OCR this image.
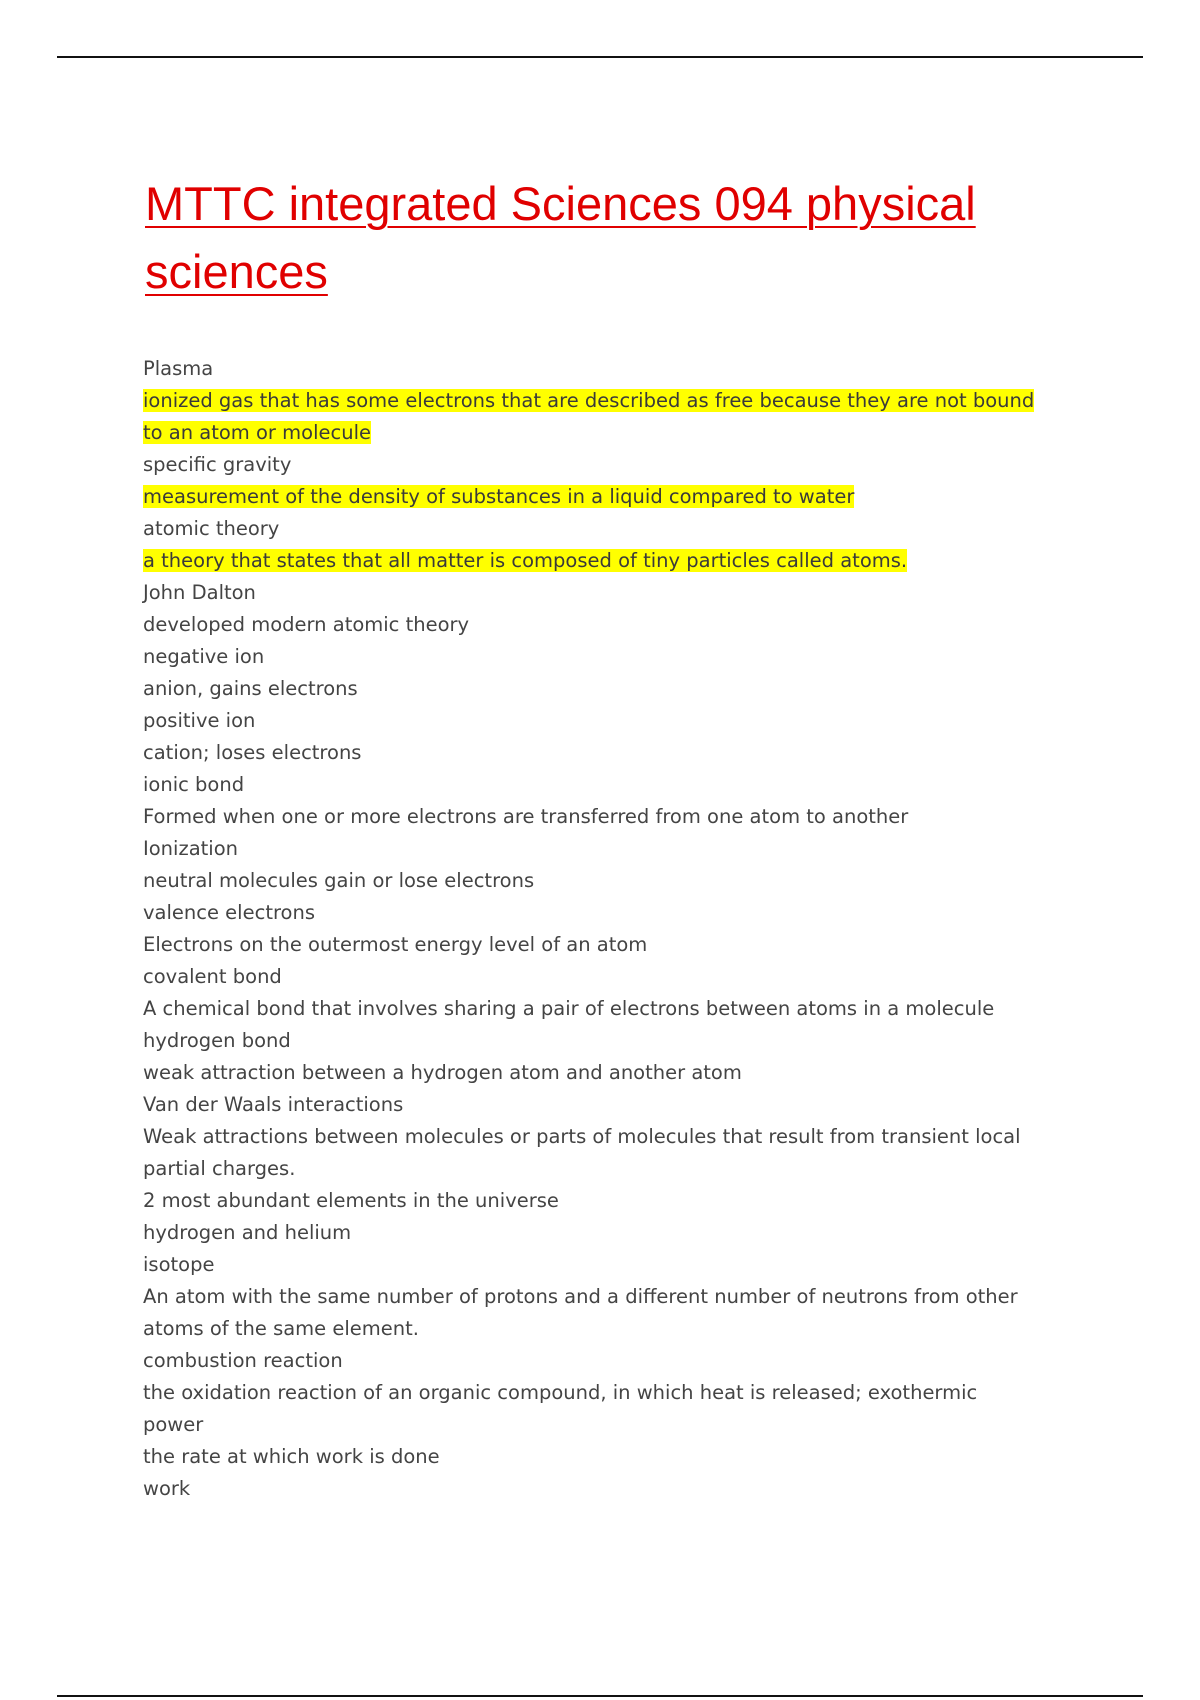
MTTC integrated Sciences 094 physical
sciences

Plasma

ionized gas that has some electrons that are described as free because they are not bound
to an atom or molecule

specific gravity

measurement of the density of substances in a liquid compared to water

atomic theory

a theory that states that all matter is composed of tiny particles called atoms.

John Dalton

developed modern atomic theory

negative ion

anion, gains electrons

positive ion

cation; loses electrons

ionic bond

Formed when one or more electrons are transferred from one atom to another

Ionization

neutral molecules gain or lose electrons

valence electrons

Electrons on the outermost energy level of an atom

covalent bond

A chemical bond that involves sharing a pair of electrons between atoms in a molecule

hydrogen bond

weak attraction between a hydrogen atom and another atom

Van der Waals interactions

Weak attractions between molecules or parts of molecules that result from transient local
partial charges.

2 most abundant elements in the universe

hydrogen and helium

isotope

An atom with the same number of protons and a different number of neutrons from other
atoms of the same element.

combustion reaction

the oxidation reaction of an organic compound, in which heat is released; exothermic

power

the rate at which work is done

work
